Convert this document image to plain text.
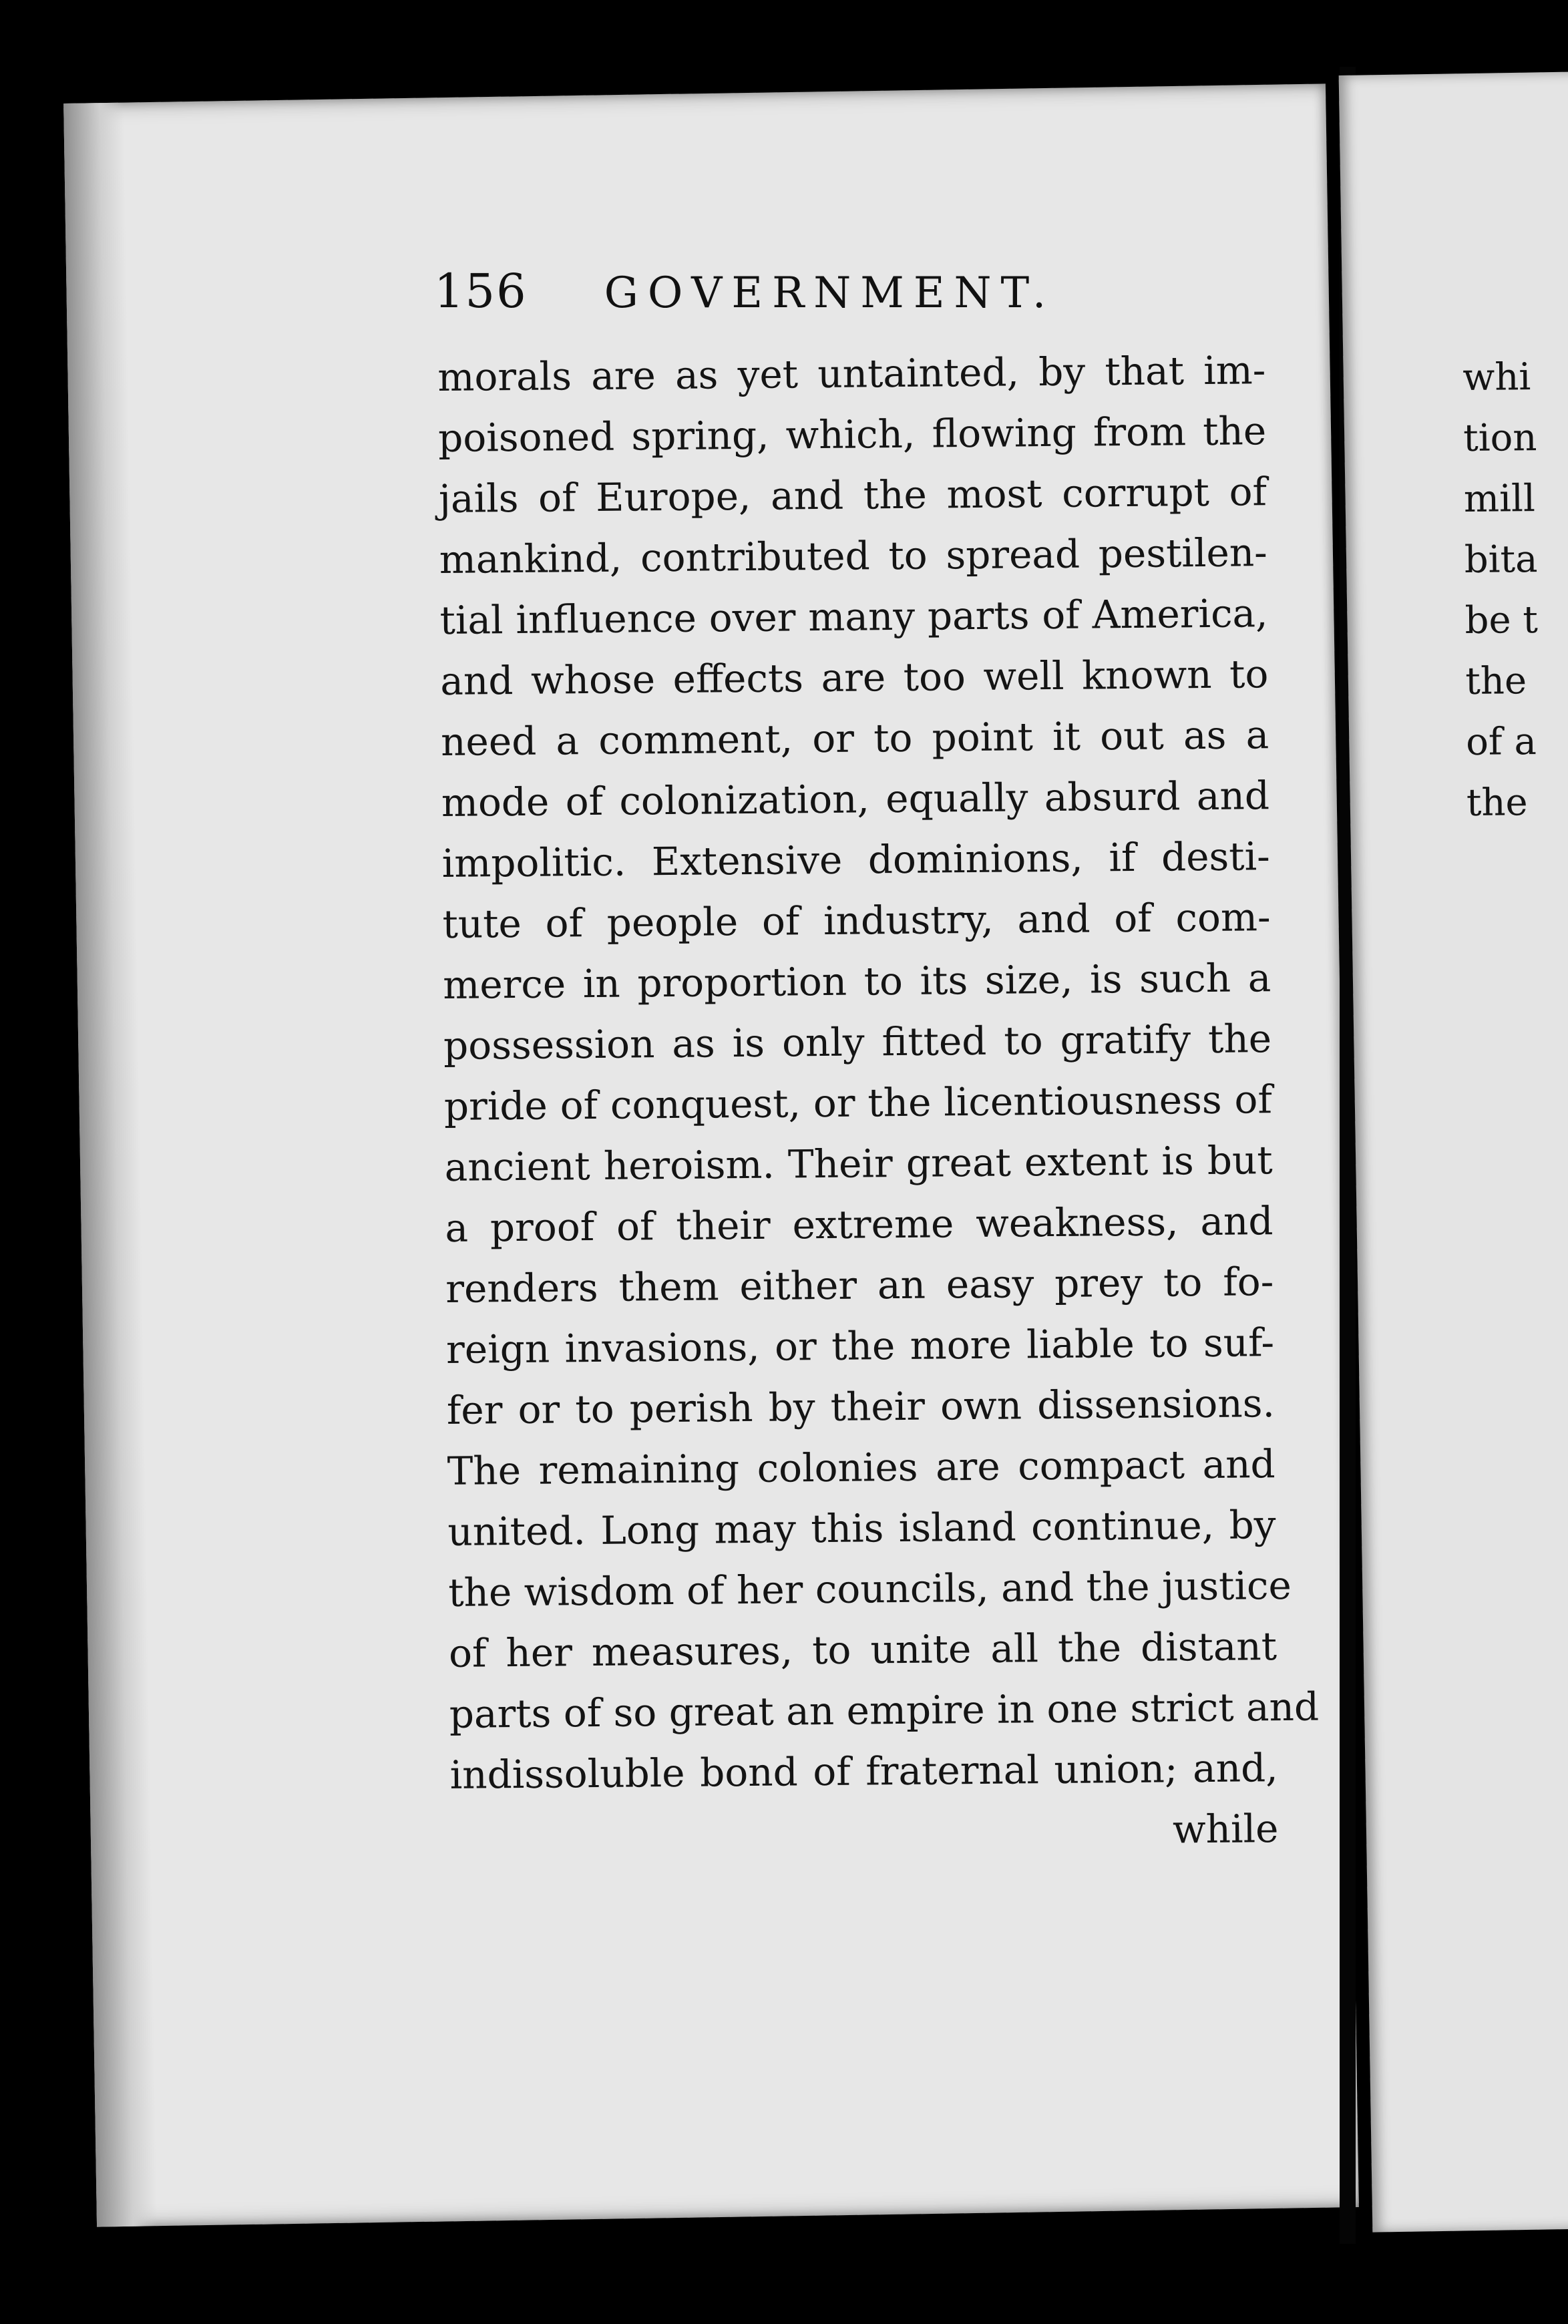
156 GOVERNMENT.
morals are as yet untainted, by that im-
poisoned spring, which, flowing from the
jails of Europe, and the most corrupt of
mankind, contributed to spread pestilen-
tial influence over many parts of America,
and whose effects are too well known to
need a comment, or to point it out as a
mode of colonization, equally absurd and
impolitic. Extensive dominions, if desti-
tute of people of industry, and of com-
merce in proportion to its size, is such a
possession as is only fitted to gratify the
pride of conquest, or the licentiousness of
ancient heroism. Their great extent is but
a proof of their extreme weakness, and
renders them either an easy prey to fo-
reign invasions, or the more liable to suf-
fer or to perish by their own dissensions.
The remaining colonies are compact and
united. Long may this island continue, by
the wisdom of her councils, and the justice
of her measures, to unite all the distant
parts of so great an empire in one strict and
indissoluble bond of fraternal union; and,
while
whi
tion
mill
bita
be t
the
of a
the
